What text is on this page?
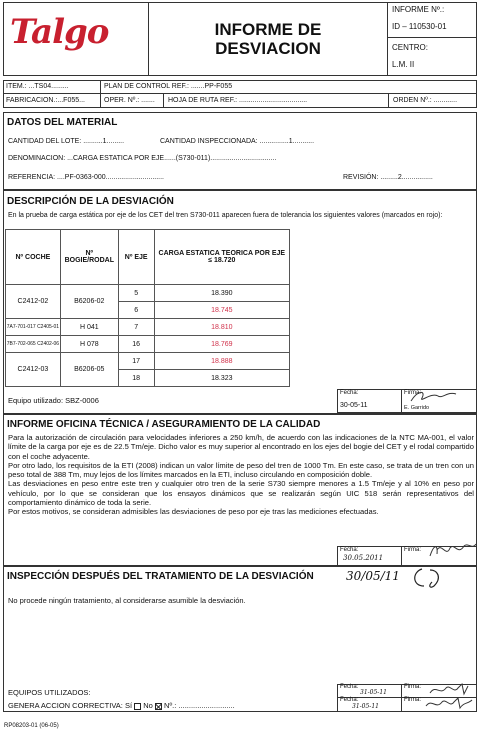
Talgo	INFORME DE
DESVIACION
INFORME Nº.:
ID – 110530-01
CENTRO:
L.M. II
ITEM.: ...TS04.........	PLAN DE CONTROL REF.: .......PP-F055
FABRICACION.:...F055...	OPER. Nº.: ....... HOJA DE RUTA REF.: ...................................	ORDEN Nº.: ............
DATOS DEL MATERIAL
CANTIDAD DEL LOTE: ..........1.........	CANTIDAD INSPECCIONADA: ...............1...........
DENOMINACION: ...CARGA ESTATICA POR EJE......(S730-011)..................................
REFERENCIA: ....PF-0363-000..............................	REVISIÓN: .........2................
DESCRIPCIÓN DE LA DESVIACIÓN
En la prueba de carga estática por eje de los CET del tren S730-011 aparecen fuera de tolerancia los siguientes valores (marcados en rojo):
Nº COCHE	Nº BOGIE/RODAL	Nº EJE	CARGA ESTATICA TEORICA POR EJE
≤ 18.720
C2412-02	B6206-02	5	18.390
		6	18.745
7A7-701-017 C2405-01	H 041	7	18.810
7B7-702-065 C2402-06	H 078	16	18.769
C2412-03	B6206-05	17	18.888
		18	18.323
Equipo utilizado: SBZ-0006
Fecha:
30-05-11
Firma:
E. Garrido
INFORME OFICINA TÉCNICA / ASEGURAMIENTO DE LA CALIDAD

Para la autorización de circulación para velocidades inferiores a 250 km/h, de acuerdo con las indicaciones de la NTC MA-001, el valor límite de la carga por eje es de 22.5 Tm/eje. Dicho valor es muy superior al encontrado en los ejes del bogie del CET y el rodal compartido con el coche adyacente.

Por otro lado, los requisitos de la ETI (2008) indican un valor límite de peso del tren de 1000 Tm. En este caso, se trata de un tren con un peso total de 388 Tm, muy lejos de los límites marcados en la ETI, incluso circulando en composición doble.

Las desviaciones en peso entre este tren y cualquier otro tren de la serie S730 siempre menores a 1.5 Tm/eje y al 10% en peso por vehículo, por lo que se consideran que los ensayos dinámicos que se realizarán según UIC 518 serán representativos del comportamiento dinámico de toda la serie.

Por estos motivos, se consideran admisibles las desviaciones de peso por eje tras las mediciones efectuadas.

Fecha:
30.05.2011
Firma:
INSPECCIÓN DESPUÉS DEL TRATAMIENTO DE LA DESVIACIÓN	30/05/11
No procede ningún tratamiento, al considerarse asumible la desviación.
EQUIPOS UTILIZADOS:
GENERA ACCION CORRECTIVA: Sí No Nº.: ...........................
Fecha:
31-05-11
Firma:
Fecha:
31-05-11
Firma:
RP08203-01 (06-05)
